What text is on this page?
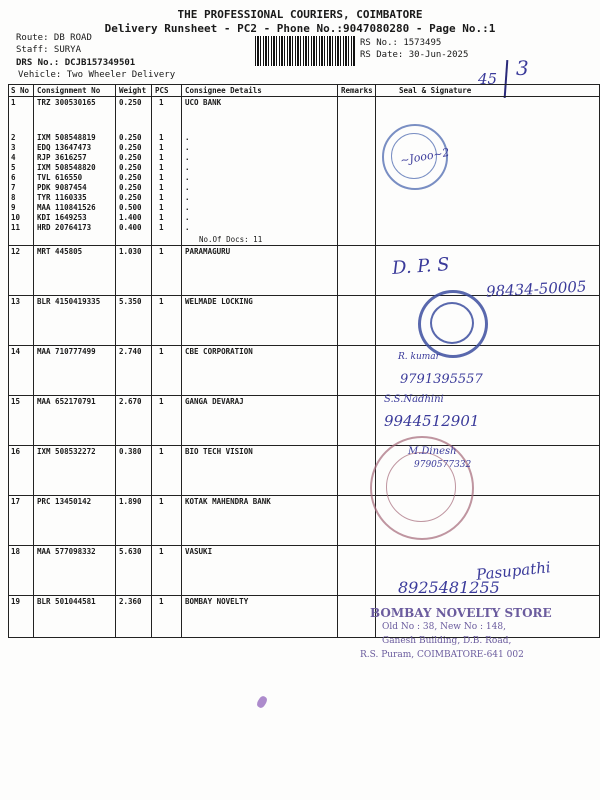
THE PROFESSIONAL COURIERS, COIMBATORE
Delivery Runsheet - PC2 - Phone No.:9047080280 - Page No.:1
Route: DB ROAD
Staff: SURYA
DRS No.: DCJB157349501
Vehicle: Two Wheeler Delivery
RS No.: 1573495
RS Date: 30-Jun-2025
45 3
S No Consignment No	Weight PCS Consignee Details	Remarks	Seal & Signature
1	TRZ 300530165	0.250 1	UCO BANK
2	IXM 508548819	0.250 1	.
3	EDQ 13647473	0.250 1	.
4	RJP 3616257	0.250 1	.
5	IXM 508548820	0.250 1	.
6	TVL 616550	0.250 1	.
7	PDK 9087454	0.250 1	.
8	TYR 1160335	0.250 1	.
9	MAA 110841526	0.500 1	.
10 KDI 1649253	1.400 1	.
11 HRD 20764173	0.400 1	.
No.Of Docs: 11
12 MRT 445805	1.030 1	PARAMAGURU
13 BLR 4150419335	5.350 1	WELMADE LOCKING
14 MAA 710777499	2.740 1	CBE CORPORATION
15 MAA 652170791	2.670 1	GANGA DEVARAJ
16 IXM 508532272	0.380 1	BIO TECH VISION
17 PRC 13450142	1.890 1	KOTAK MAHENDRA BANK
18 MAA 577098332	5.630 1	VASUKI
19 BLR 501044581	2.360 1	BOMBAY NOVELTY
~Jooo~2
D. P. S
98434-50005
R. kumar
9791395557
S.S.Nadhini
9944512901
M.Dinesh
9790577332
Pasupathi
8925481255
BOMBAY NOVELTY STORE
Old No : 38, New No : 148,
Ganesh Building, D.B. Road,
R.S. Puram, COIMBATORE-641 002
